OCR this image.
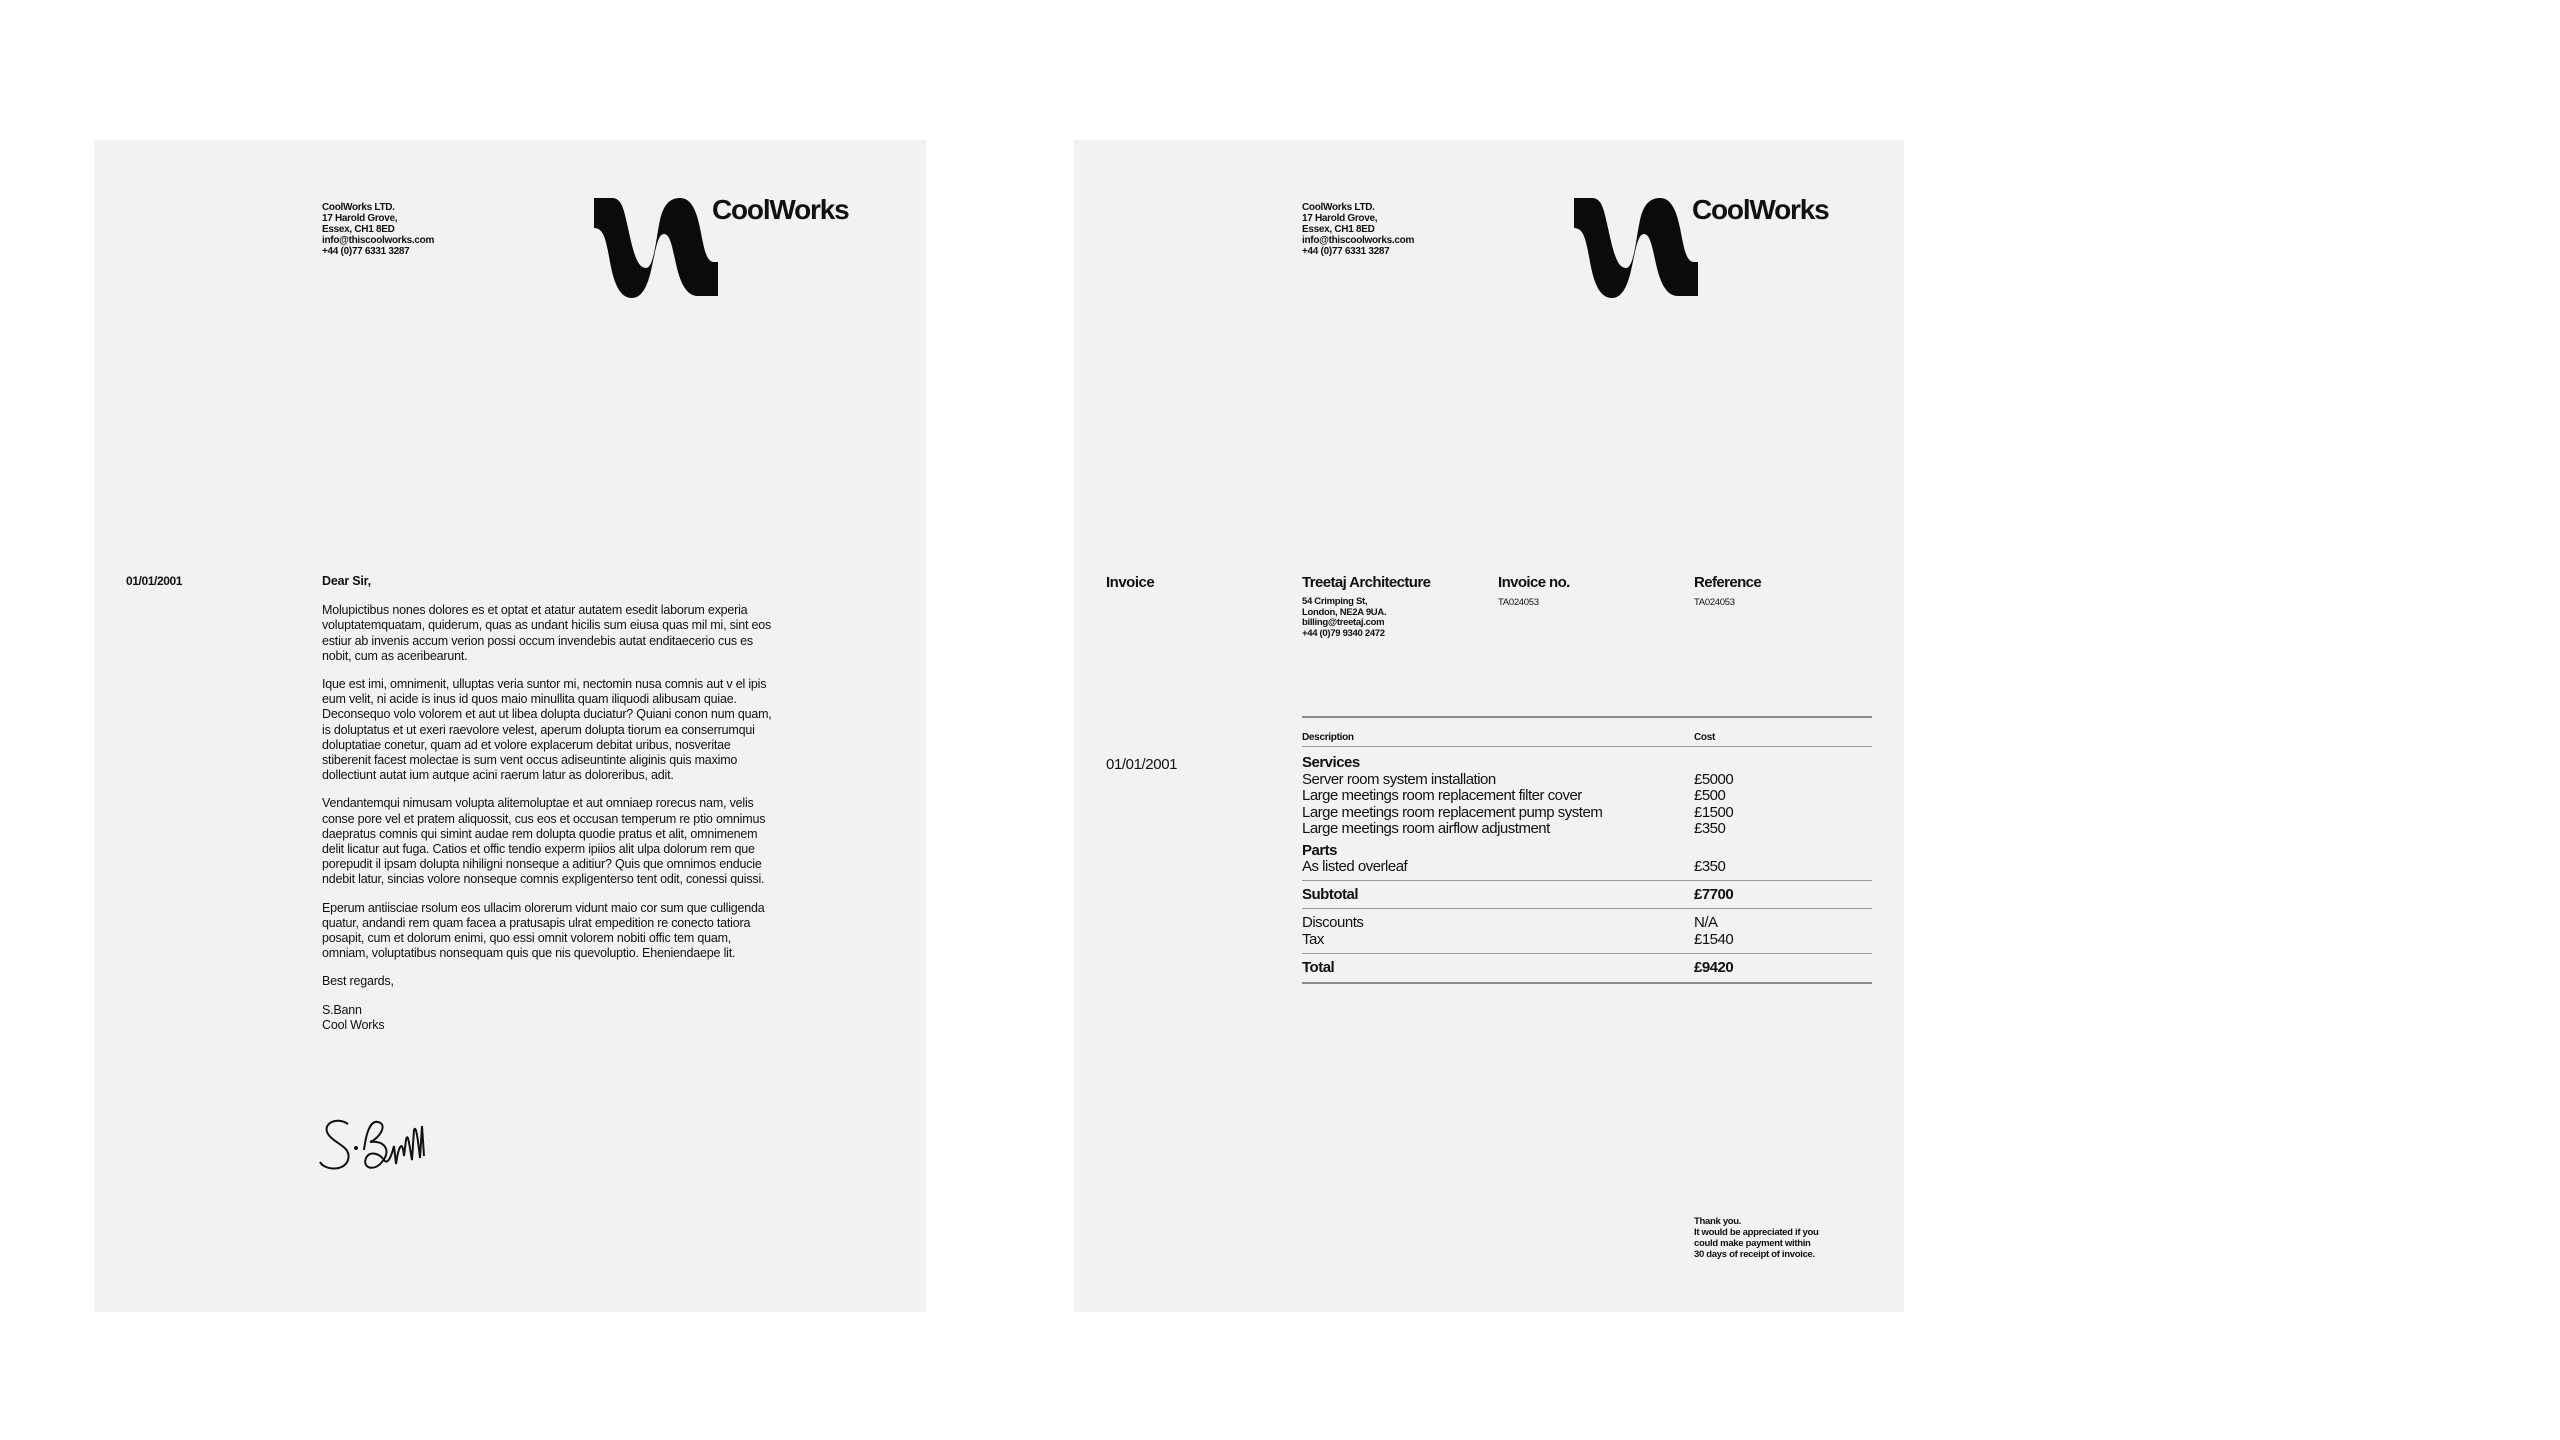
CoolWorks LTD.
17 Harold Grove,
Essex, CH1 8ED
info@thiscoolworks.com
+44 (0)77 6331 3287
CoolWorks
01/01/2001	Dear Sir,

Molupictibus nones dolores es et optat et atatur autatem esedit laborum experia voluptatemquatam, quiderum, quas as undant hicilis sum eiusa quas mil mi, sint eos estiur ab invenis accum verion possi occum invendebis autat enditaecerio cus es nobit, cum as aceribearunt.

Ique est imi, omnimenit, ulluptas veria suntor mi, nectomin nusa comnis aut v el ipis eum velit, ni acide is inus id quos maio minullita quam iliquodi alibusam quiae. Deconsequo volo volorem et aut ut libea dolupta duciatur? Quiani conon num quam, is doluptatus et ut exeri raevolore velest, aperum dolupta tiorum ea conserrumqui doluptatiae conetur, quam ad et volore explacerum debitat uribus, nosveritae stiberenit facest molectae is sum vent occus adiseuntinte aliginis quis maximo dollectiunt autat ium autque acini raerum latur as doloreribus, adit.

Vendantemqui nimusam volupta alitemoluptae et aut omniaep rorecus nam, velis conse pore vel et pratem aliquossit, cus eos et occusan temperum re ptio omnimus daepratus comnis qui simint audae rem dolupta quodie pratus et alit, omnimenem delit licatur aut fuga. Catios et offic tendio experm ipiios alit ulpa dolorum rem que porepudit il ipsam dolupta nihiligni nonseque a aditiur? Quis que omnimos enducie ndebit latur, sincias volore nonseque comnis expligenterso tent odit, conessi quissi.

Eperum antiisciae rsolum eos ullacim olorerum vidunt maio cor sum que culligenda quatur, andandi rem quam facea a pratusapis ulrat empedition re conecto tatiora posapit, cum et dolorum enimi, quo essi omnit volorem nobiti offic tem quam, omniam, voluptatibus nonsequam quis que nis quevoluptio. Eheniendaepe lit.

Best regards,

S.Bann
Cool Works

CoolWorks LTD.
17 Harold Grove,
Essex, CH1 8ED
info@thiscoolworks.com
+44 (0)77 6331 3287
CoolWorks
Invoice	Treetaj Architecture
54 Crimping St,
London, NE2A 9UA.
billing@treetaj.com
+44 (0)79 9340 2472
Invoice no.
TA024053
Reference
TA024053
01/01/2001
Description	Cost
Services
Server room system installation	£5000
Large meetings room replacement filter cover	£500
Large meetings room replacement pump system	£1500
Large meetings room airflow adjustment	£350
Parts
As listed overleaf	£350
Subtotal	£7700
Discounts	N/A
Tax	£1540
Total	£9420
Thank you.
It would be appreciated if you
could make payment within
30 days of receipt of invoice.
